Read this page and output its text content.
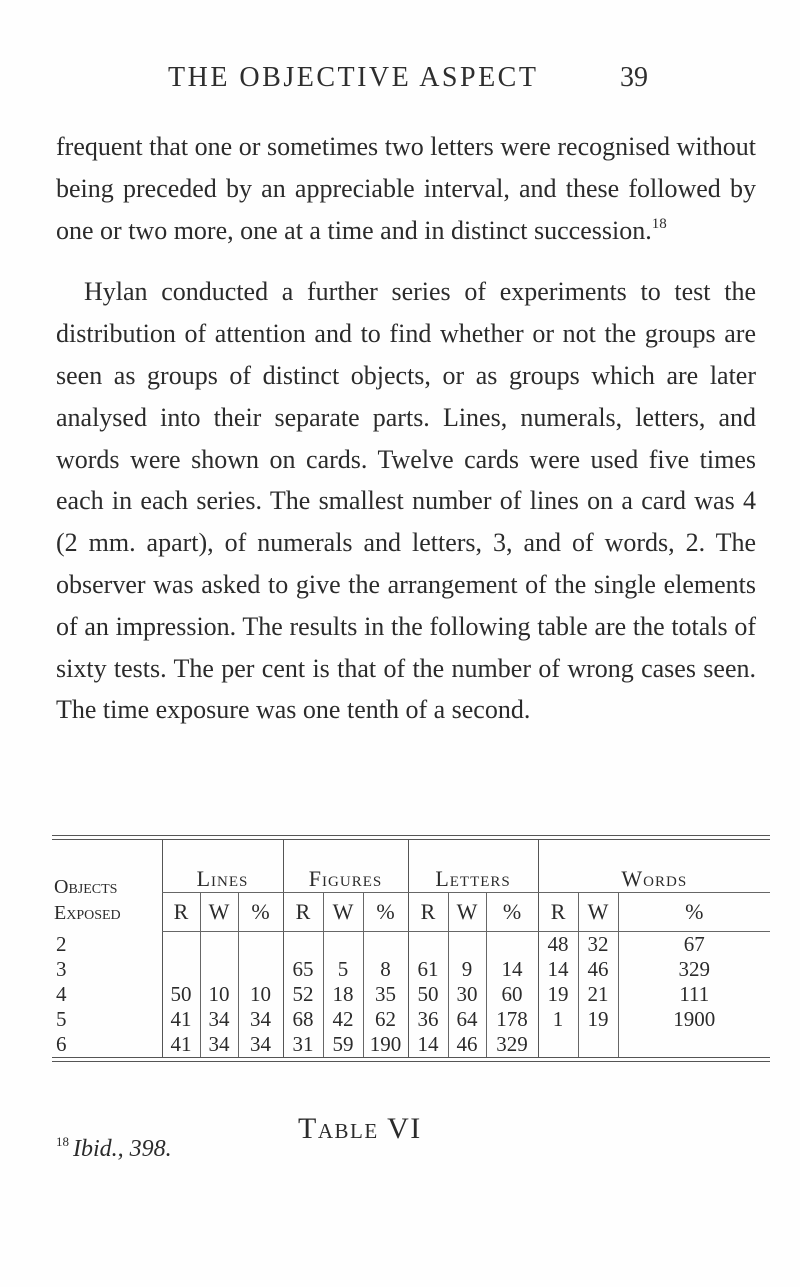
THE OBJECTIVE ASPECT	39

frequent that one or sometimes two letters were recognised without being preceded by an appreciable interval, and these followed by one or two more, one at a time and in distinct succession.$^{18}$

Hylan conducted a further series of experiments to test the distribution of attention and to find whether or not the groups are seen as groups of distinct objects, or as groups which are later analysed into their separate parts. Lines, numerals, letters, and words were shown on cards. Twelve cards were used five times each in each series. The smallest number of lines on a card was 4 (2 mm. apart), of numerals and letters, 3, and of words, 2. The observer was asked to give the arrangement of the single elements of an impression. The results in the following table are the totals of sixty tests. The per cent is that of the number of wrong cases seen. The time exposure was one tenth of a second.

Objects Exposed	Lines			Figures			Letters			Words		
	R	W	%	R	W	%	R	W	%	R	W	%
2										48	32	67
3				65	5	8	61	9	14	14	46	329
4	50	10	10	52	18	35	50	30	60	19	21	111
5	41	34	34	68	42	62	36	64	178	1	19	1900
6	41	34	34	31	59	190	14	46	329			
Table VI
$^{18}$ Ibid., 398.
